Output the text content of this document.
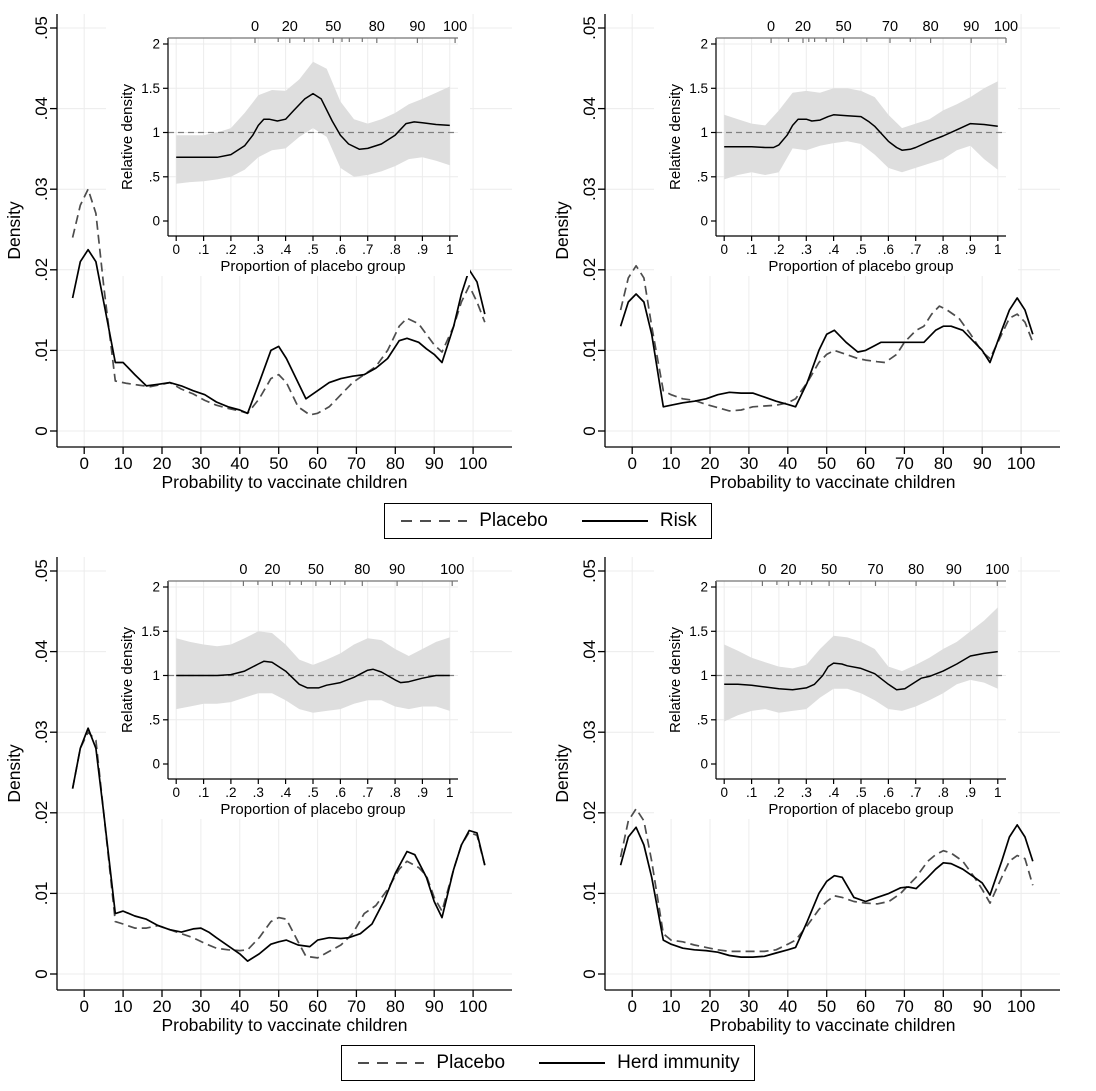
0 10 20 30 40 50 60 70 80 90 100
0
.01
.02
.03
.04
.05
Probability to vaccinate children
Density	0 .1 .2 .3 .4 .5 .6 .7 .8 .9 1
0
.5
1
1.5
2
0 20 50 80 90 100
Proportion of placebo group
Relative density
0 10 20 30 40 50 60 70 80 90 100
0
.01
.02
.03
.04
.05
Probability to vaccinate children
Density	0 .1 .2 .3 .4 .5 .6 .7 .8 .9 1
0
.5
1
1.5
2
0 20 50 70 80 90 100
Proportion of placebo group
Relative density
Placebo	Risk
0 10 20 30 40 50 60 70 80 90 100
0
.01
.02
.03
.04
.05
Probability to vaccinate children
Density	0 .1 .2 .3 .4 .5 .6 .7 .8 .9 1
0
.5
1
1.5
2
0 20 50 80 90 100
Proportion of placebo group
Relative density
0 10 20 30 40 50 60 70 80 90 100
0
.01
.02
.03
.04
.05
Probability to vaccinate children
Density	0 .1 .2 .3 .4 .5 .6 .7 .8 .9 1
0
.5
1
1.5
2
0 20 50 70 80 90 100
Proportion of placebo group
Relative density
Placebo	Herd immunity
